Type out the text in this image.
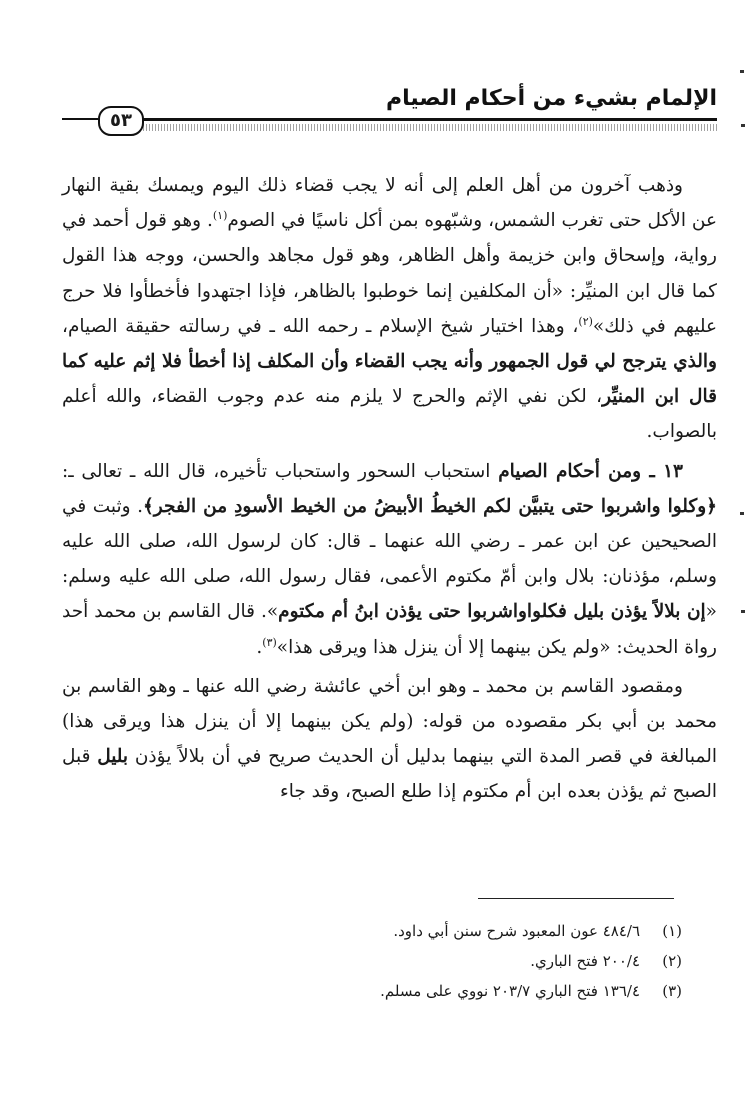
الإلمام بشيء من أحكام الصيام
٥٣

وذهب آخرون من أهل العلم إلى أنه لا يجب قضاء ذلك اليوم ويمسك بقية النهار عن الأكل حتى تغرب الشمس، وشبّهوه بمن أكل ناسيًا في الصوم$^{(١)}$. وهو قول أحمد في رواية، وإسحاق وابن خزيمة وأهل الظاهر، وهو قول مجاهد والحسن، ووجه هذا القول كما قال ابن المنيِّر: «أن المكلفين إنما خوطبوا بالظاهر، فإذا اجتهدوا فأخطأوا فلا حرج عليهم في ذلك»$^{(٢)}$، وهذا اختيار شيخ الإسلام ـ رحمه الله ـ في رسالته حقيقة الصيام، والذي يترجح لي قول الجمهور وأنه يجب القضاء وأن المكلف إذا أخطأ فلا إثم عليه كما قال ابن المنيِّر، لكن نفي الإثم والحرج لا يلزم منه عدم وجوب القضاء، والله أعلم بالصواب.

١٣ ـ ومن أحكام الصيام استحباب السحور واستحباب تأخيره، قال الله ـ تعالى ـ: ﴿وكلوا واشربوا حتى يتبيَّن لكم الخيطُ الأبيضُ من الخيط الأسودِ من الفجر﴾. وثبت في الصحيحين عن ابن عمر ـ رضي الله عنهما ـ قال: كان لرسول الله، صلى الله عليه وسلم، مؤذنان: بلال وابن أمّ مكتوم الأعمى، فقال رسول الله، صلى الله عليه وسلم: «إن بلالاً يؤذن بليل فكلواواشربوا حتى يؤذن ابنُ أم مكتوم». قال القاسم بن محمد أحد رواة الحديث: «ولم يكن بينهما إلا أن ينزل هذا ويرقى هذا»$^{(٣)}$.

ومقصود القاسم بن محمد ـ وهو ابن أخي عائشة رضي الله عنها ـ وهو القاسم بن محمد بن أبي بكر مقصوده من قوله: (ولم يكن بينهما إلا أن ينزل هذا ويرقى هذا) المبالغة في قصر المدة التي بينهما بدليل أن الحديث صريح في أن بلالاً يؤذن بليل قبل الصبح ثم يؤذن بعده ابن أم مكتوم إذا طلع الصبح، وقد جاء

(١)٤٨٤/٦ عون المعبود شرح سنن أبي داود.

(٢)٢٠٠/٤ فتح الباري.

(٣)١٣٦/٤ فتح الباري ٢٠٣/٧ نووي على مسلم.
